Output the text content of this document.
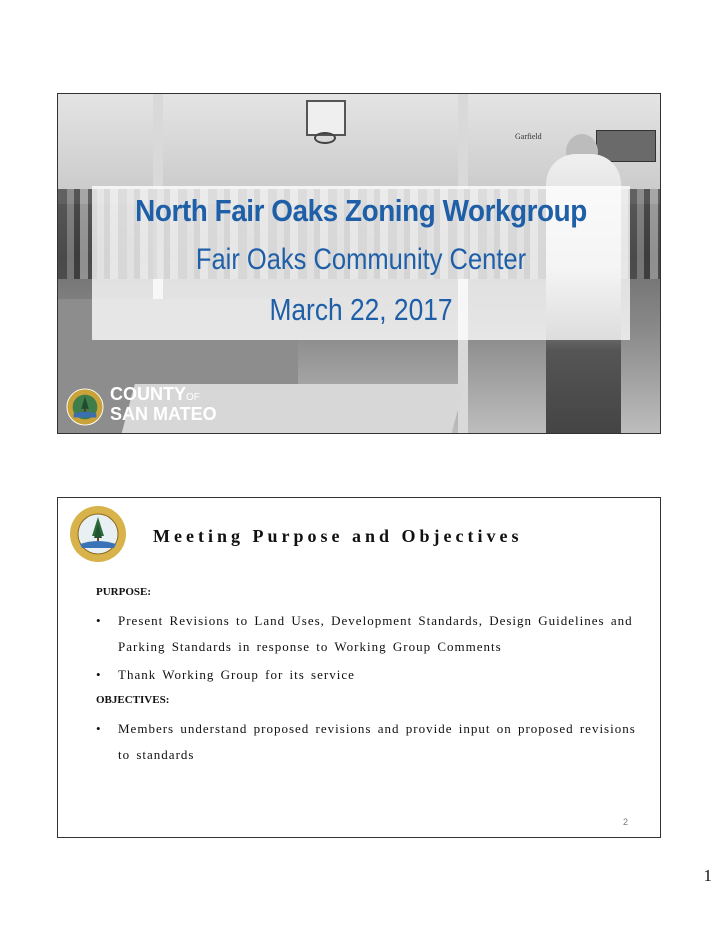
Garfield
North Fair Oaks Zoning Workgroup
Fair Oaks Community Center
March 22, 2017
COUNTYOF
SAN MATEO
Meeting Purpose and Objectives
PURPOSE:
• Present Revisions to Land Uses, Development Standards, Design Guidelines and Parking Standards in response to Working Group Comments
• Thank Working Group for its service
OBJECTIVES:
• Members understand proposed revisions and provide input on proposed revisions to standards
2
1
